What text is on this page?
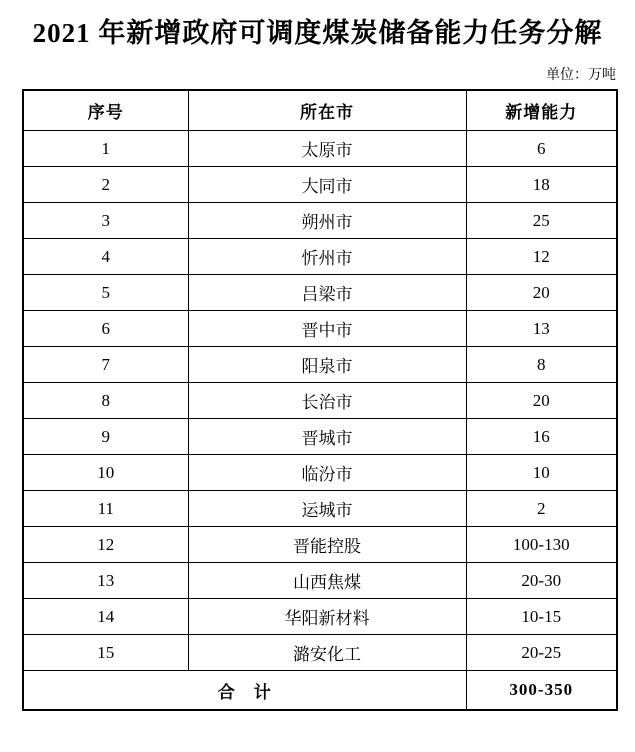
2021 年新增政府可调度煤炭储备能力任务分解
单位：万吨
序号	所在市	新增能力
1	太原市	6
2	大同市	18
3	朔州市	25
4	忻州市	12
5	吕梁市	20
6	晋中市	13
7	阳泉市	8
8	长治市	20
9	晋城市	16
10	临汾市	10
11	运城市	2
12	晋能控股	100-130
13	山西焦煤	20-30
14	华阳新材料	10-15
15	潞安化工	20-25
合　计		300-350
